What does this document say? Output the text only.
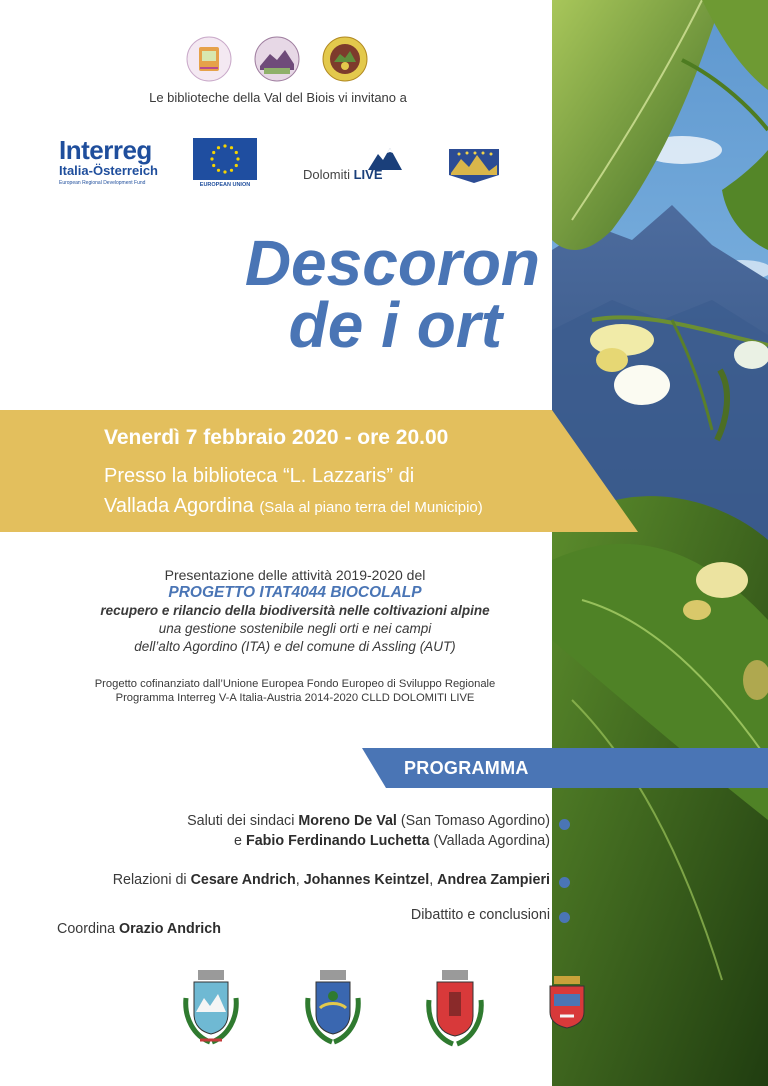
Le biblioteche della Val del Biois vi invitano a
Interreg
Italia-Österreich
European Regional Development Fund	EUROPEAN UNION
Dolomiti LIVE
Descoron

de i ort
Venerdì 7 febbraio 2020 - ore 20.00
Presso la biblioteca “L. Lazzaris” di
Vallada Agordina (Sala al piano terra del Municipio)
Presentazione delle attività 2019-2020 del
PROGETTO ITAT4044 BIOCOLALP
recupero e rilancio della biodiversità nelle coltivazioni alpine
una gestione sostenibile negli orti e nei campi
dell’alto Agordino (ITA) e del comune di Assling (AUT)
Progetto cofinanziato dall’Unione Europea Fondo Europeo di Sviluppo Regionale
Programma Interreg V-A Italia-Austria 2014-2020 CLLD DOLOMITI LIVE
PROGRAMMA
Saluti dei sindaci Moreno De Val (San Tomaso Agordino)
e Fabio Ferdinando Luchetta (Vallada Agordina)
Relazioni di Cesare Andrich, Johannes Keintzel, Andrea Zampieri
Dibattito e conclusioni
Coordina Orazio Andrich
